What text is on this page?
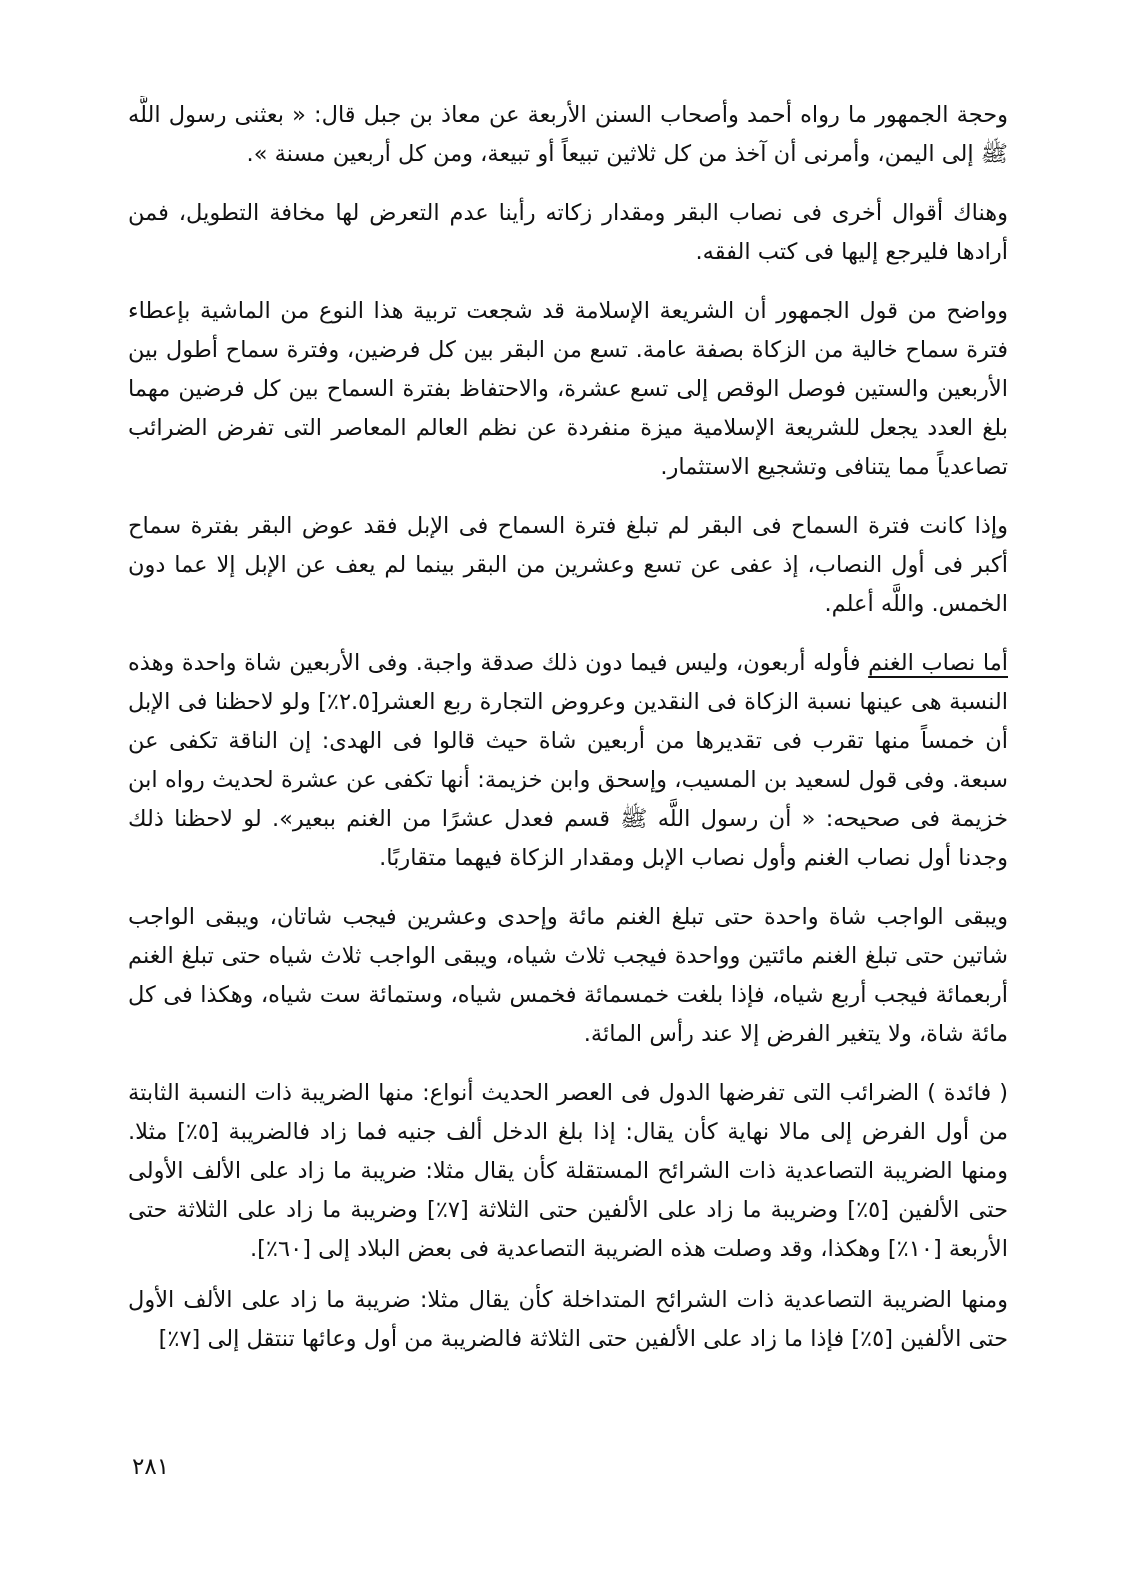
وحجة الجمهور ما رواه أحمد وأصحاب السنن الأربعة عن معاذ بن جبل قال: « بعثنى رسول اللَّه ﷺ إلى اليمن، وأمرنى أن آخذ من كل ثلاثين تبيعاً أو تبيعة، ومن كل أربعين مسنة ».

وهناك أقوال أخرى فى نصاب البقر ومقدار زكاته رأينا عدم التعرض لها مخافة التطويل، فمن أرادها فليرجع إليها فى كتب الفقه.

وواضح من قول الجمهور أن الشريعة الإسلامة قد شجعت تربية هذا النوع من الماشية بإعطاء فترة سماح خالية من الزكاة بصفة عامة. تسع من البقر بين كل فرضين، وفترة سماح أطول بين الأربعين والستين فوصل الوقص إلى تسع عشرة، والاحتفاظ بفترة السماح بين كل فرضين مهما بلغ العدد يجعل للشريعة الإسلامية ميزة منفردة عن نظم العالم المعاصر التى تفرض الضرائب تصاعدياً مما يتنافى وتشجيع الاستثمار.

وإذا كانت فترة السماح فى البقر لم تبلغ فترة السماح فى الإبل فقد عوض البقر بفترة سماح أكبر فى أول النصاب، إذ عفى عن تسع وعشرين من البقر بينما لم يعف عن الإبل إلا عما دون الخمس. واللَّه أعلم.

أما نصاب الغنم فأوله أربعون، وليس فيما دون ذلك صدقة واجبة. وفى الأربعين شاة واحدة وهذه النسبة هى عينها نسبة الزكاة فى النقدين وعروض التجارة ربع العشر[٢.٥٪] ولو لاحظنا فى الإبل أن خمساً منها تقرب فى تقديرها من أربعين شاة حيث قالوا فى الهدى: إن الناقة تكفى عن سبعة. وفى قول لسعيد بن المسيب، وإسحق وابن خزيمة: أنها تكفى عن عشرة لحديث رواه ابن خزيمة فى صحيحه: « أن رسول اللَّه ﷺ قسم فعدل عشرًا من الغنم ببعير». لو لاحظنا ذلك وجدنا أول نصاب الغنم وأول نصاب الإبل ومقدار الزكاة فيهما متقاربًا.

ويبقى الواجب شاة واحدة حتى تبلغ الغنم مائة وإحدى وعشرين فيجب شاتان، ويبقى الواجب شاتين حتى تبلغ الغنم مائتين وواحدة فيجب ثلاث شياه، ويبقى الواجب ثلاث شياه حتى تبلغ الغنم أربعمائة فيجب أربع شياه، فإذا بلغت خمسمائة فخمس شياه، وستمائة ست شياه، وهكذا فى كل مائة شاة، ولا يتغير الفرض إلا عند رأس المائة.

( فائدة ) الضرائب التى تفرضها الدول فى العصر الحديث أنواع: منها الضريبة ذات النسبة الثابتة من أول الفرض إلى مالا نهاية كأن يقال: إذا بلغ الدخل ألف جنيه فما زاد فالضريبة [٥٪] مثلا. ومنها الضريبة التصاعدية ذات الشرائح المستقلة كأن يقال مثلا: ضريبة ما زاد على الألف الأولى حتى الألفين [٥٪] وضريبة ما زاد على الألفين حتى الثلاثة [٧٪] وضريبة ما زاد على الثلاثة حتى الأربعة [١٠٪] وهكذا، وقد وصلت هذه الضريبة التصاعدية فى بعض البلاد إلى [٦٠٪].

ومنها الضريبة التصاعدية ذات الشرائح المتداخلة كأن يقال مثلا: ضريبة ما زاد على الألف الأول حتى الألفين [٥٪] فإذا ما زاد على الألفين حتى الثلاثة فالضريبة من أول وعائها تنتقل إلى [٧٪]

٢٨١
